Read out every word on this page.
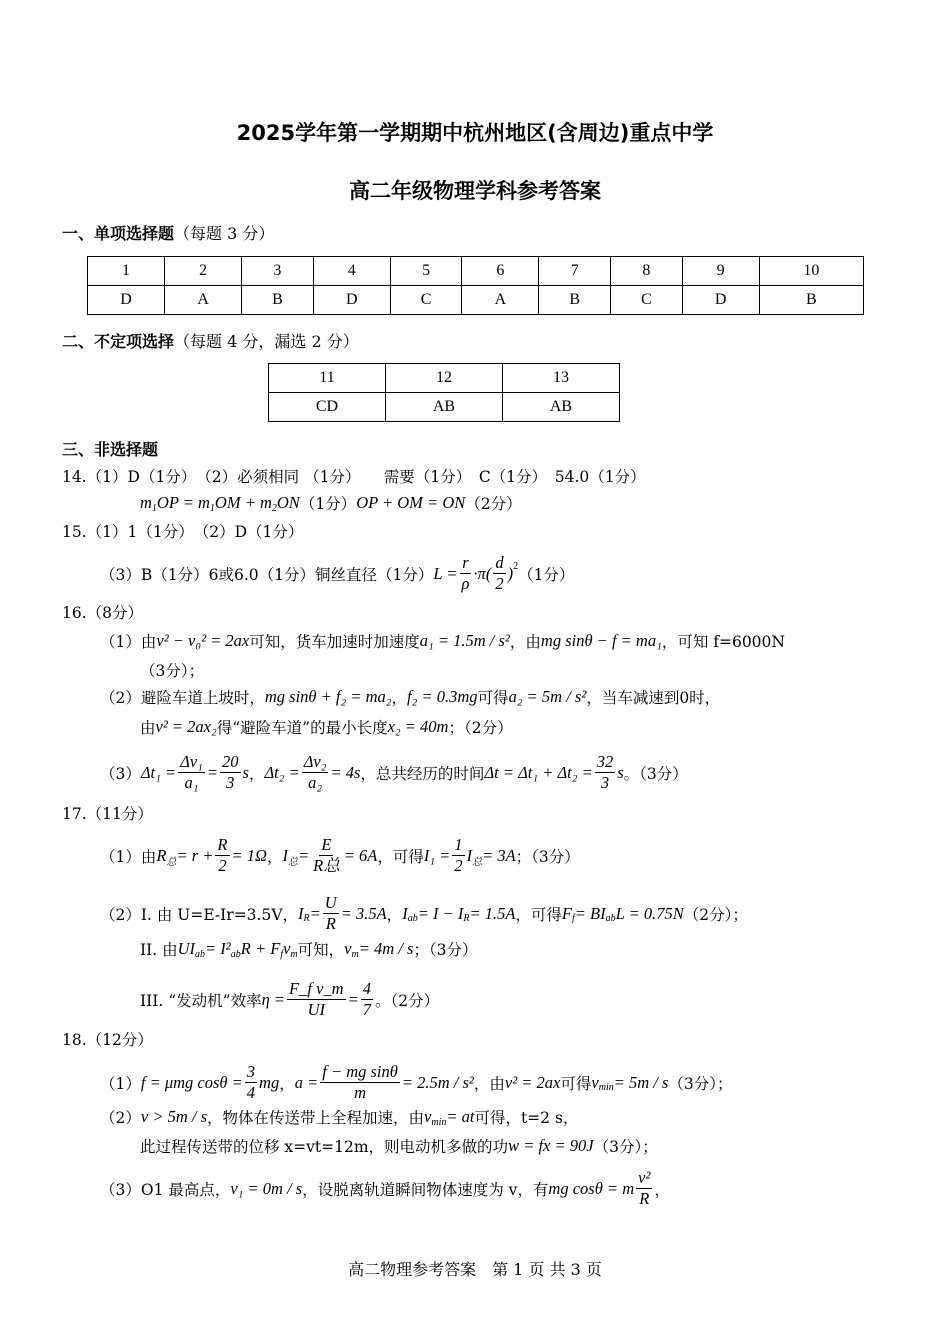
2025学年第一学期期中杭州地区(含周边)重点中学
高二年级物理学科参考答案
一、单项选择题（每题 3 分）
1	2	3	4	5	6	7	8	9	10
D	A	B	D	C	A	B	C	D	B
二、不定项选择（每题 4 分，漏选 2 分）
11	12	13
CD	AB	AB
三、非选择题
14.（1）D（1分）　（2）必须相同 （1分）　　需要（1分）　C（1分）　54.0（1分）
m 1 OP = m 1 OM + m 2 ON （1分） OP + OM = ON （2分）
15.（1）1（1分）　（2）D（1分）
（3）B（1分）6或6.0（1分）铜丝直径（1分） $L = \frac{r}{\rho} \cdot\pi( \frac{d}{2}$ ) 2 （1分）
16.（8分）
（1）由 v² − v₀² = 2ax 可知，货车加速时加速度 a₁ = 1.5m / s² ，由 mg sinθ − f = ma₁ ，可知 f=6000N
（3分）；
（2）避险车道上坡时， mg sinθ + f₂ = ma₂ ， f₂ = 0.3mg 可得 a₂ = 5m / s² ，当车减速到0时，
由 v² = 2ax₂ 得“避险车道”的最小长度 x₂ = 40m ；（2分）
（3） $\Delta t_1 = \frac{\text{Δv₁}}{\text{a₁}} = \frac{20}{3}$ s ， $\Delta t_2 = \frac{\text{Δv₂}}{\text{a₂}} = 4s$ ，总共经历的时间 $\Delta t = \Delta t_1 + \Delta t_2 = \frac{32}{3}$ s 。（3分）
17.（11分）
（1）由 R 总 = $r + \frac{R}{2} = 1\Omega$ ， I 总 = $\frac{E}{\text{R总}} = 6A$ ，可得 $I_1 = \frac{1}{2}$ I 总 = 3A ；（3分）
（2）I. 由 U=E-Ir=3.5V， I $R = \frac{U}{R} = 3.5A$ ， I ab = I − I R = 1.5A ，可得 F f = BI ab L = 0.75N （2分）；
II. 由 UI ab = I² ab R + F f v m 可知， v m = 4m / s ；（3分）
III. “发动机”效率 $\eta = \frac{\text{F\_f v\_m}}{UI} = \frac{4}{7}$ 。（2分）
18.（12分）
（1） f = μmg $\cos\theta = \frac{3}{4}$ mg ， $a = \frac{\text{f − mg sinθ}}{m} = 2.5m / s^2$ ，由 v² = 2ax 可得 v min = 5m / s （3分）；
（2） v > 5m / s ，物体在传送带上全程加速，由 v min = at 可得，t=2 s，
此过程传送带的位移 x=vt=12m，则电动机多做的功 w = fx = 90J （3分）；
（3）O1 最高点， v₁ = 0m / s ，设脱离轨道瞬间物体速度为 v，有 mg cosθ = m $\frac{\text{v²}}{R}$ ，
高二物理参考答案　第 1 页 共 3 页
